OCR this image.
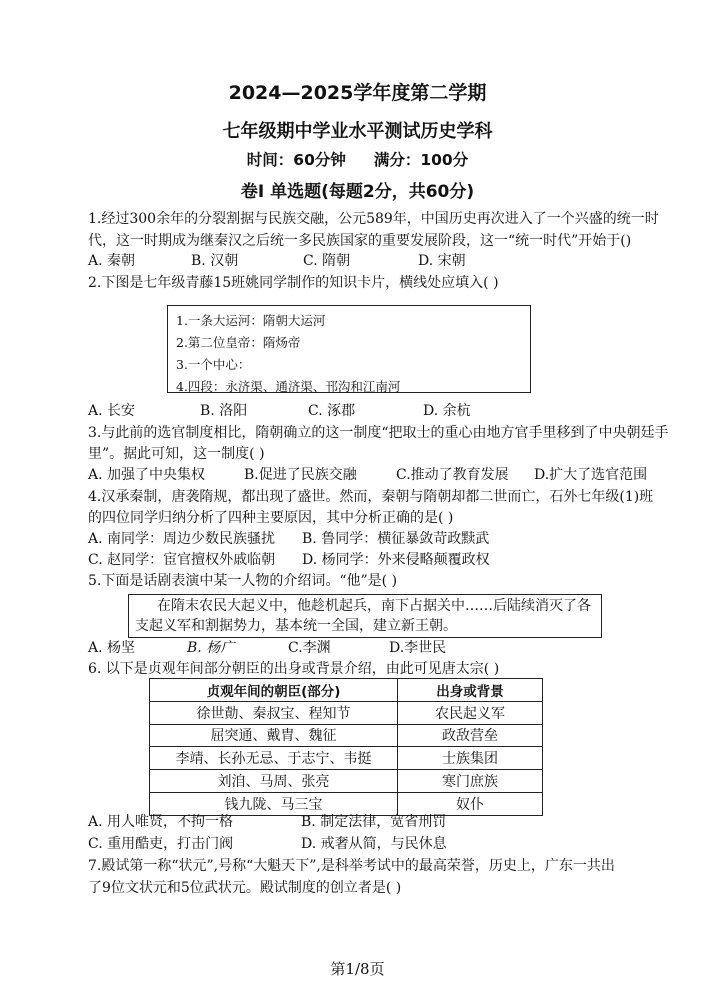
2024—2025学年度第二学期
七年级期中学业水平测试历史学科
时间：60分钟 满分：100分
卷I 单选题(每题2分，共60分)
1.经过300余年的分裂割据与民族交融，公元589年，中国历史再次进入了一个兴盛的统一时
代，这一时期成为继秦汉之后统一多民族国家的重要发展阶段，这一“统一时代”开始于()
A. 秦朝	B. 汉朝	C. 隋朝	D. 宋朝
2.下图是七年级青藤15班姚同学制作的知识卡片，横线处应填入( )
1.一条大运河：隋朝大运河
2.第二位皇帝：隋炀帝
3.一个中心：
4.四段：永济渠、通济渠、邗沟和江南河
A. 长安	B. 洛阳	C. 涿郡	D. 余杭
3.与此前的选官制度相比，隋朝确立的这一制度“把取士的重心由地方官手里移到了中央朝廷手
里”。据此可知，这一制度( )
A. 加强了中央集权	B.促进了民族交融	C.推动了教育发展 D.扩大了选官范围
4.汉承秦制，唐袭隋规，都出现了盛世。然而，秦朝与隋朝却都二世而亡，石外七年级(1)班
的四位同学归纳分析了四种主要原因，其中分析正确的是( )
A. 南同学：周边少数民族骚扰 B. 鲁同学：横征暴敛苛政黩武
C. 赵同学：宦官擅权外戚临朝 D. 杨同学：外来侵略颠覆政权
5.下面是话剧表演中某一人物的介绍词。“他”是( )
在隋末农民大起义中，他趁机起兵，南下占据关中……后陆续消灭了各
支起义军和割据势力，基本统一全国，建立新王朝。
A. 杨坚	B. 杨广	C.李渊	D.李世民
6. 以下是贞观年间部分朝臣的出身或背景介绍，由此可见唐太宗( )
贞观年间的朝臣(部分)	出身或背景
徐世勣、秦叔宝、程知节	农民起义军
屈突通、戴胄、魏征	政敌营垒
李靖、长孙无忌、于志宁、韦挺	士族集团
刘洎、马周、张亮	寒门庶族
钱九陇、马三宝	奴仆
A. 用人唯贤，不拘一格	B. 制定法律，宽省刑罚
C. 重用酷吏，打击门阀	D. 戒奢从简，与民休息
7.殿试第一称“状元”,号称“大魁天下”,是科举考试中的最高荣誉，历史上，广东一共出
了9位文状元和5位武状元。殿试制度的创立者是( )
第1/8页
